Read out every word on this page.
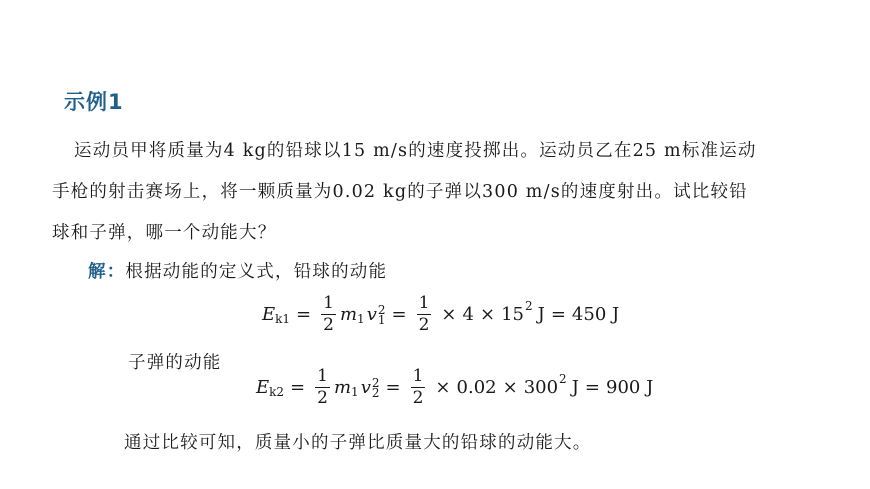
示例1
运动员甲将质量为4 kg的铅球以15 m/s的速度投掷出。运动员乙在25 m标准运动
手枪的射击赛场上，将一颗质量为0.02 kg的子弹以300 m/s的速度射出。试比较铅
球和子弹，哪一个动能大？
解：根据动能的定义式，铅球的动能
E $k1 = \frac{1}{2}$ m 1 v 2
$1 = \frac{1}{2} \times 4 \times 15$ 2 J = 450 J
子弹的动能
E $k2 = \frac{1}{2}$ m 1 v 2
$2 = \frac{1}{2} \times 0.02 \times 300$ 2 J = 900 J
通过比较可知，质量小的子弹比质量大的铅球的动能大。
